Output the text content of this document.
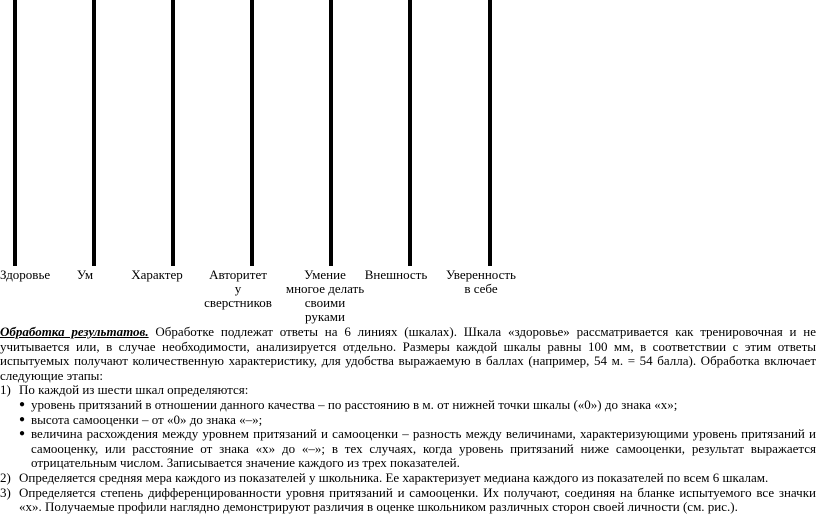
Здоровье	Ум	Характер	Авторитет
у
сверстников
Умение
многое делать
своими
руками
Внешность	Уверенность
в себе

Обработка результатов. Обработке подлежат ответы на 6 линиях (шкалах). Шкала «здоровье» рассматривается как тренировочная и не учитывается или, в случае необходимости, анализируется отдельно. Размеры каждой шкалы равны 100 мм, в соответствии с этим ответы испытуемых получают количественную характеристику, для удобства выражаемую в баллах (например, 54 м. = 54 балла). Обработка включает следующие этапы:

1) По каждой из шести шкал определяются:
● уровень притязаний в отношении данного качества – по расстоянию в м. от нижней точки шкалы («0») до знака «х»;
● высота самооценки – от «0» до знака «–»;
● величина расхождения между уровнем притязаний и самооценки – разность между величинами, характеризующими уровень притязаний и самооценку, или расстояние от знака «х» до «–»; в тех случаях, когда уровень притязаний ниже самооценки, результат выражается отрицательным числом. Записывается значение каждого из трех показателей.
2) Определяется средняя мера каждого из показателей у школьника. Ее характеризует медиана каждого из показателей по всем 6 шкалам.
3) Определяется степень дифференцированности уровня притязаний и самооценки. Их получают, соединяя на бланке испытуемого все значки «х». Получаемые профили наглядно демонстрируют различия в оценке школьником различных сторон своей личности (см. рис.).
